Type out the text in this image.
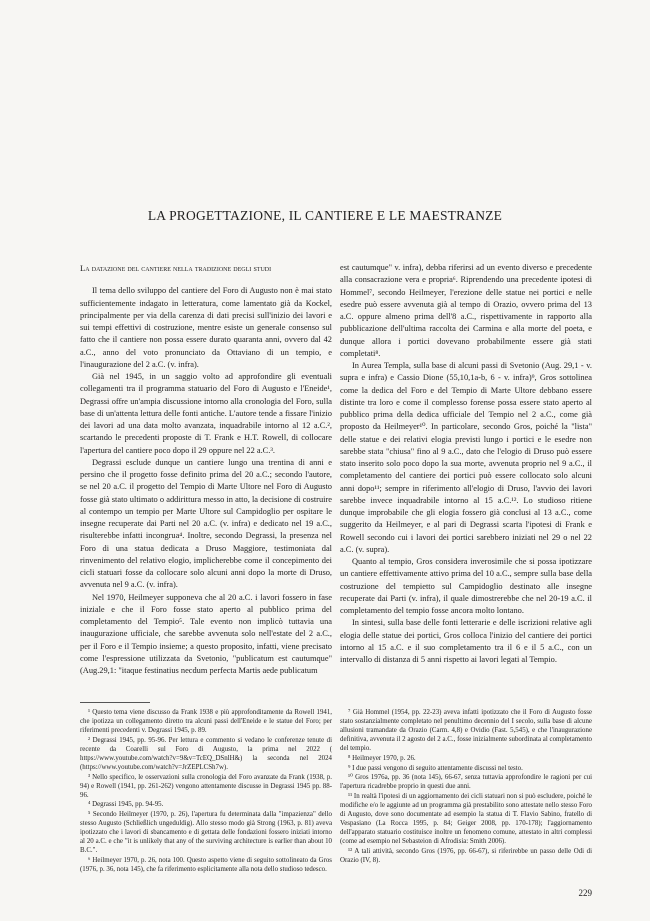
LA PROGETTAZIONE, IL CANTIERE E LE MAESTRANZE

La datazione del cantiere nella tradizione degli studi

Il tema dello sviluppo del cantiere del Foro di Augusto non è mai stato sufficientemente indagato in letteratura, come lamentato già da Kockel, principalmente per via della carenza di dati precisi sull'inizio dei lavori e sui tempi effettivi di costruzione, mentre esiste un generale consenso sul fatto che il cantiere non possa essere durato quaranta anni, ovvero dal 42 a.C., anno del voto pronunciato da Ottaviano di un tempio, e l'inaugurazione del 2 a.C. (v. infra).

Già nel 1945, in un saggio volto ad approfondire gli eventuali collegamenti tra il programma statuario del Foro di Augusto e l'Eneide¹, Degrassi offre un'ampia discussione intorno alla cronologia del Foro, sulla base di un'attenta lettura delle fonti antiche. L'autore tende a fissare l'inizio dei lavori ad una data molto avanzata, inquadrabile intorno al 12 a.C.², scartando le precedenti proposte di T. Frank e H.T. Rowell, di collocare l'apertura del cantiere poco dopo il 29 oppure nel 22 a.C.³.

Degrassi esclude dunque un cantiere lungo una trentina di anni e persino che il progetto fosse definito prima del 20 a.C.; secondo l'autore, se nel 20 a.C. il progetto del Tempio di Marte Ultore nel Foro di Augusto fosse già stato ultimato o addirittura messo in atto, la decisione di costruire al contempo un tempio per Marte Ultore sul Campidoglio per ospitare le insegne recuperate dai Parti nel 20 a.C. (v. infra) e dedicato nel 19 a.C., risulterebbe infatti incongrua⁴. Inoltre, secondo Degrassi, la presenza nel Foro di una statua dedicata a Druso Maggiore, testimoniata dal rinvenimento del relativo elogio, implicherebbe come il concepimento dei cicli statuari fosse da collocare solo alcuni anni dopo la morte di Druso, avvenuta nel 9 a.C. (v. infra).

Nel 1970, Heilmeyer supponeva che al 20 a.C. i lavori fossero in fase iniziale e che il Foro fosse stato aperto al pubblico prima del completamento del Tempio⁵. Tale evento non implicò tuttavia una inaugurazione ufficiale, che sarebbe avvenuta solo nell'estate del 2 a.C., per il Foro e il Tempio insieme; a questo proposito, infatti, viene precisato come l'espressione utilizzata da Svetonio, "publicatum est cautumque" (Aug.29,1: "itaque festinatius necdum perfecta Martis aede publicatum

est cautumque" v. infra), debba riferirsi ad un evento diverso e precedente alla consacrazione vera e propria⁶. Riprendendo una precedente ipotesi di Hommel⁷, secondo Heilmeyer, l'erezione delle statue nei portici e nelle esedre può essere avvenuta già al tempo di Orazio, ovvero prima del 13 a.C. oppure almeno prima dell'8 a.C., rispettivamente in rapporto alla pubblicazione dell'ultima raccolta dei Carmina e alla morte del poeta, e dunque allora i portici dovevano probabilmente essere già stati completati⁸.

In Aurea Templa, sulla base di alcuni passi di Svetonio (Aug. 29,1 - v. supra e infra) e Cassio Dione (55,10,1a-b, 6 - v. infra)⁹, Gros sottolinea come la dedica del Foro e del Tempio di Marte Ultore debbano essere distinte tra loro e come il complesso forense possa essere stato aperto al pubblico prima della dedica ufficiale del Tempio nel 2 a.C., come già proposto da Heilmeyer¹⁰. In particolare, secondo Gros, poiché la "lista" delle statue e dei relativi elogia previsti lungo i portici e le esedre non sarebbe stata "chiusa" fino al 9 a.C., dato che l'elogio di Druso può essere stato inserito solo poco dopo la sua morte, avvenuta proprio nel 9 a.C., il completamento del cantiere dei portici può essere collocato solo alcuni anni dopo¹¹; sempre in riferimento all'elogio di Druso, l'avvio dei lavori sarebbe invece inquadrabile intorno al 15 a.C.¹². Lo studioso ritiene dunque improbabile che gli elogia fossero già conclusi al 13 a.C., come suggerito da Heilmeyer, e al pari di Degrassi scarta l'ipotesi di Frank e Rowell secondo cui i lavori dei portici sarebbero iniziati nel 29 o nel 22 a.C. (v. supra).

Quanto al tempio, Gros considera inverosimile che si possa ipotizzare un cantiere effettivamente attivo prima del 10 a.C., sempre sulla base della costruzione del tempietto sul Campidoglio destinato alle insegne recuperate dai Parti (v. infra), il quale dimostrerebbe che nel 20-19 a.C. il completamento del tempio fosse ancora molto lontano.

In sintesi, sulla base delle fonti letterarie e delle iscrizioni relative agli elogia delle statue dei portici, Gros colloca l'inizio del cantiere dei portici intorno al 15 a.C. e il suo completamento tra il 6 e il 5 a.C., con un intervallo di distanza di 5 anni rispetto ai lavori legati al Tempio.

¹ Questo tema viene discusso da Frank 1938 e più approfonditamente da Rowell 1941, che ipotizza un collegamento diretto tra alcuni passi dell'Eneide e le statue del Foro; per riferimenti precedenti v. Degrassi 1945, p. 89.

² Degrassi 1945, pp. 95-96. Per lettura e commento si vedano le conferenze tenute di recente da Coarelli sul Foro di Augusto, la prima nel 2022 ( https://www.youtube.com/watch?v=9&v=TcEQ_DSnlH&) la seconda nel 2024 (https://www.youtube.com/watch?v=JrZEPLCSh7w).

³ Nello specifico, le osservazioni sulla cronologia del Foro avanzate da Frank (1938, p. 94) e Rowell (1941, pp. 261-262) vengono attentamente discusse in Degrassi 1945 pp. 88-96.

⁴ Degrassi 1945, pp. 94-95.

⁵ Secondo Heilmeyer (1970, p. 26), l'apertura fu determinata dalla "impazienza" dello stesso Augusto (Schließlich ungeduldig). Allo stesso modo già Strong (1963, p. 81) aveva ipotizzato che i lavori di sbancamento e di gettata delle fondazioni fossero iniziati intorno al 20 a.C. e che "it is unlikely that any of the surviving architecture is earlier than about 10 B.C.".

⁶ Heilmeyer 1970, p. 26, nota 100. Questo aspetto viene di seguito sottolineato da Gros (1976, p. 36, nota 145), che fa riferimento esplicitamente alla nota dello studioso tedesco.

⁷ Già Hommel (1954, pp. 22-23) aveva infatti ipotizzato che il Foro di Augusto fosse stato sostanzialmente completato nel penultimo decennio del I secolo, sulla base di alcune allusioni tramandate da Orazio (Carm. 4,8) e Ovidio (Fast. 5,545), e che l'inaugurazione definitiva, avvenuta il 2 agosto del 2 a.C., fosse inizialmente subordinata al completamento del tempio.

⁸ Heilmeyer 1970, p. 26.

⁹ I due passi vengono di seguito attentamente discussi nel testo.

¹⁰ Gros 1976a, pp. 36 (nota 145), 66-67, senza tuttavia approfondire le ragioni per cui l'apertura ricadrebbe proprio in questi due anni.

¹¹ In realtà l'ipotesi di un aggiornamento dei cicli statuari non si può escludere, poiché le modifiche e/o le aggiunte ad un programma già prestabilito sono attestate nello stesso Foro di Augusto, dove sono documentate ad esempio la statua di T. Flavio Sabino, fratello di Vespasiano (La Rocca 1995, p. 84; Geiger 2008, pp. 170-178); l'aggiornamento dell'apparato statuario costituisce inoltre un fenomeno comune, attestato in altri complessi (come ad esempio nel Sebasteion di Afrodisia: Smith 2006).

¹² A tali attività, secondo Gros (1976, pp. 66-67), si riferirebbe un passo delle Odi di Orazio (IV, 8).

229
